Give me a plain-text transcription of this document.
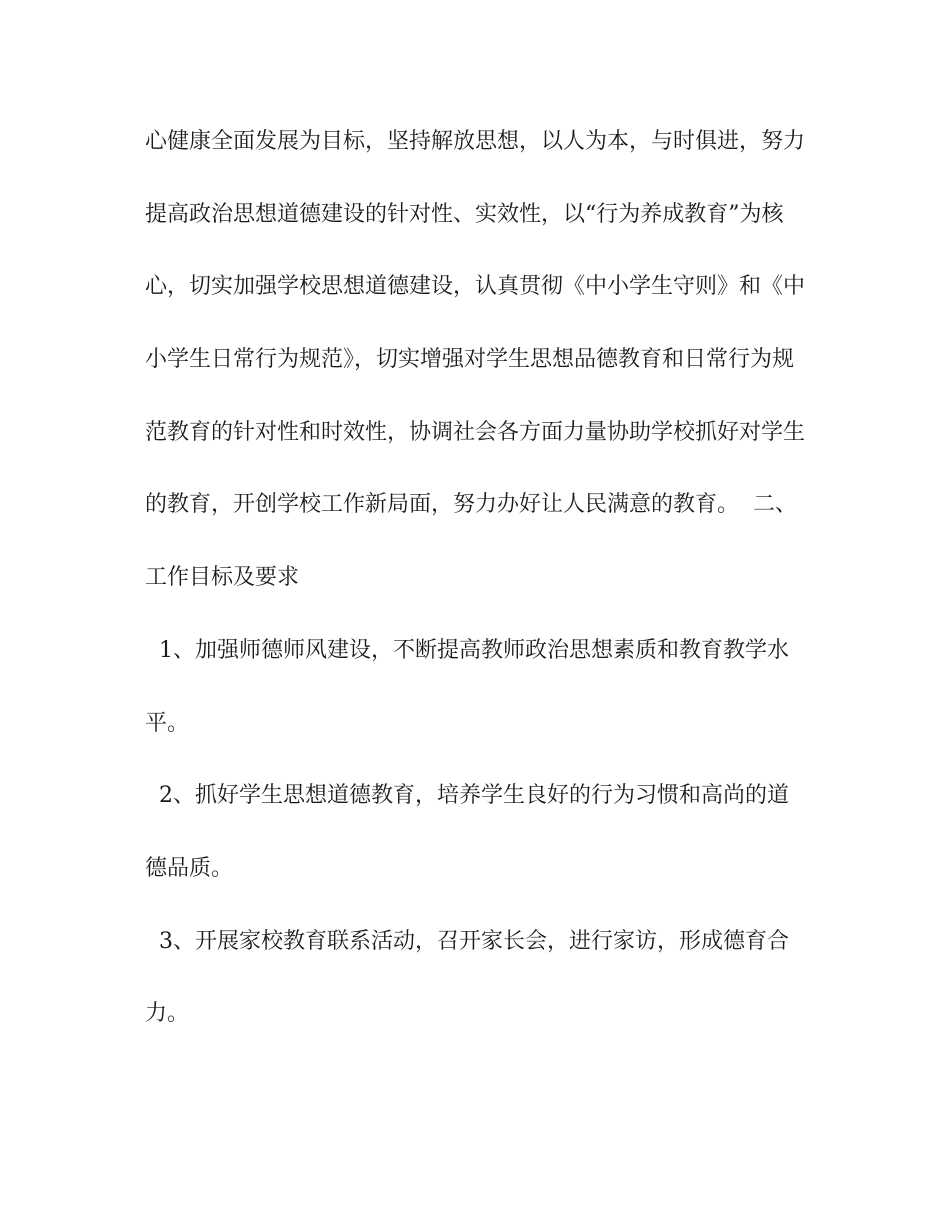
心健康全面发展为目标，坚持解放思想，以人为本，与时俱进，努力
提高政治思想道德建设的针对性、实效性，以“行为养成教育”为核
心，切实加强学校思想道德建设，认真贯彻《中小学生守则》和《中
小学生日常行为规范》，切实增强对学生思想品德教育和日常行为规
范教育的针对性和时效性，协调社会各方面力量协助学校抓好对学生
的教育，开创学校工作新局面，努力办好让人民满意的教育。  二、
工作目标及要求
1、加强师德师风建设，不断提高教师政治思想素质和教育教学水
平。
2、抓好学生思想道德教育，培养学生良好的行为习惯和高尚的道
德品质。
3、开展家校教育联系活动，召开家长会，进行家访，形成德育合
力。
